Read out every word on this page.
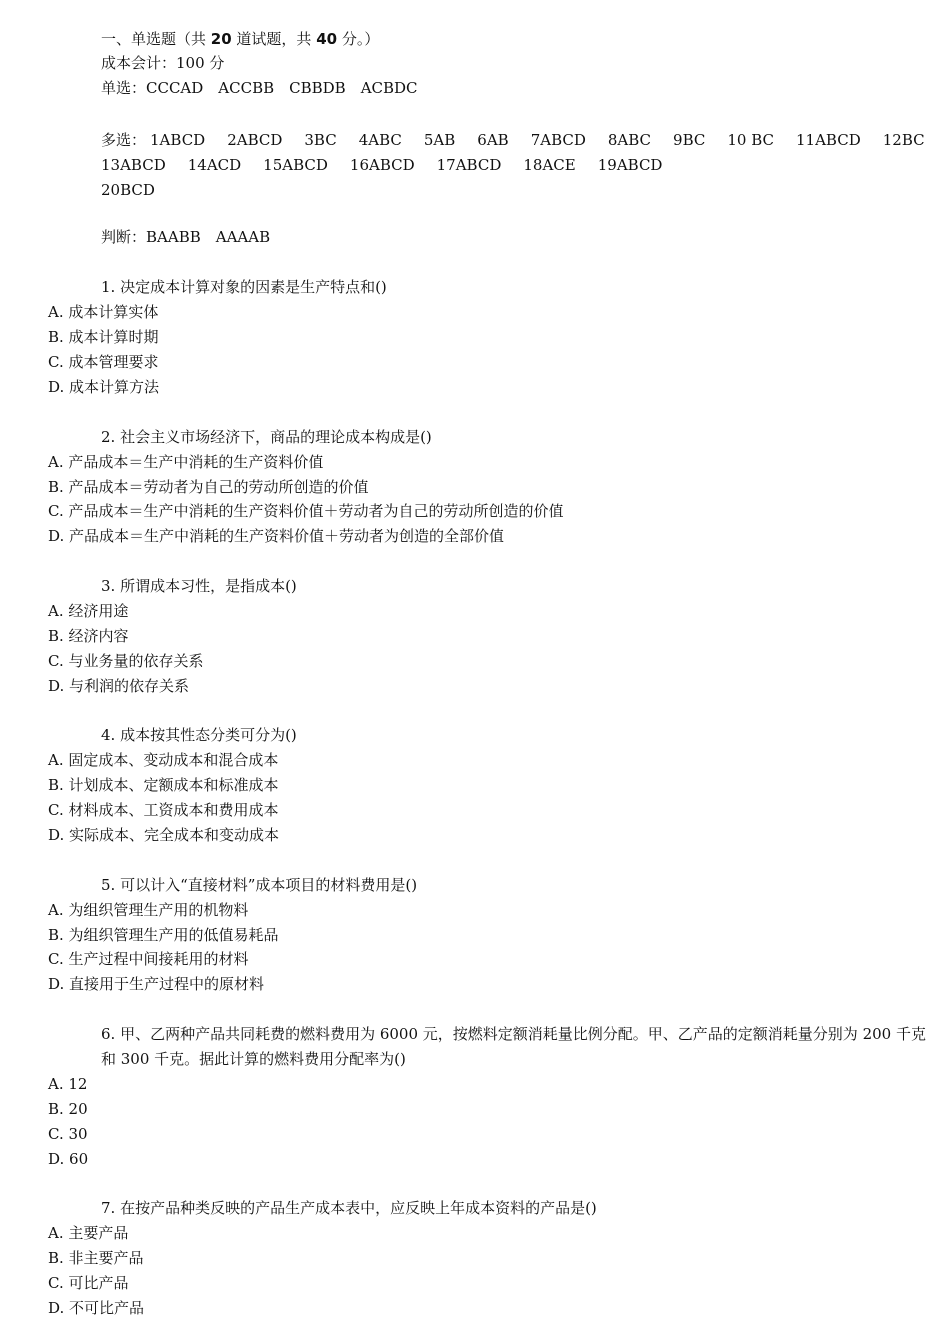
一、单选题（共 20 道试题，共 40 分。）
成本会计：100 分
单选：CCCAD　ACCBB　CBBDB　ACBDC
多选： 1ABCD 2ABCD 3BC 4ABC 5AB 6AB 7ABCD 8ABC 9BC 10 BC 11ABCD 12BC
13ABCD 14ACD 15ABCD 16ABCD 17ABCD 18ACE 19ABCD
20BCD
判断：BAABB　AAAAB
1. 决定成本计算对象的因素是生产特点和()
A. 成本计算实体
B. 成本计算时期
C. 成本管理要求
D. 成本计算方法
2. 社会主义市场经济下，商品的理论成本构成是()
A. 产品成本＝生产中消耗的生产资料价值
B. 产品成本＝劳动者为自己的劳动所创造的价值
C. 产品成本＝生产中消耗的生产资料价值＋劳动者为自己的劳动所创造的价值
D. 产品成本＝生产中消耗的生产资料价值＋劳动者为创造的全部价值
3. 所谓成本习性，是指成本()
A. 经济用途
B. 经济内容
C. 与业务量的依存关系
D. 与利润的依存关系
4. 成本按其性态分类可分为()
A. 固定成本、变动成本和混合成本
B. 计划成本、定额成本和标准成本
C. 材料成本、工资成本和费用成本
D. 实际成本、完全成本和变动成本
5. 可以计入“直接材料”成本项目的材料费用是()
A. 为组织管理生产用的机物料
B. 为组织管理生产用的低值易耗品
C. 生产过程中间接耗用的材料
D. 直接用于生产过程中的原材料
6. 甲、乙两种产品共同耗费的燃料费用为 6000 元，按燃料定额消耗量比例分配。甲、乙产品的定额消耗量分别为 200 千克和 300 千克。据此计算的燃料费用分配率为()
A. 12
B. 20
C. 30
D. 60
7. 在按产品种类反映的产品生产成本表中，应反映上年成本资料的产品是()
A. 主要产品
B. 非主要产品
C. 可比产品
D. 不可比产品
